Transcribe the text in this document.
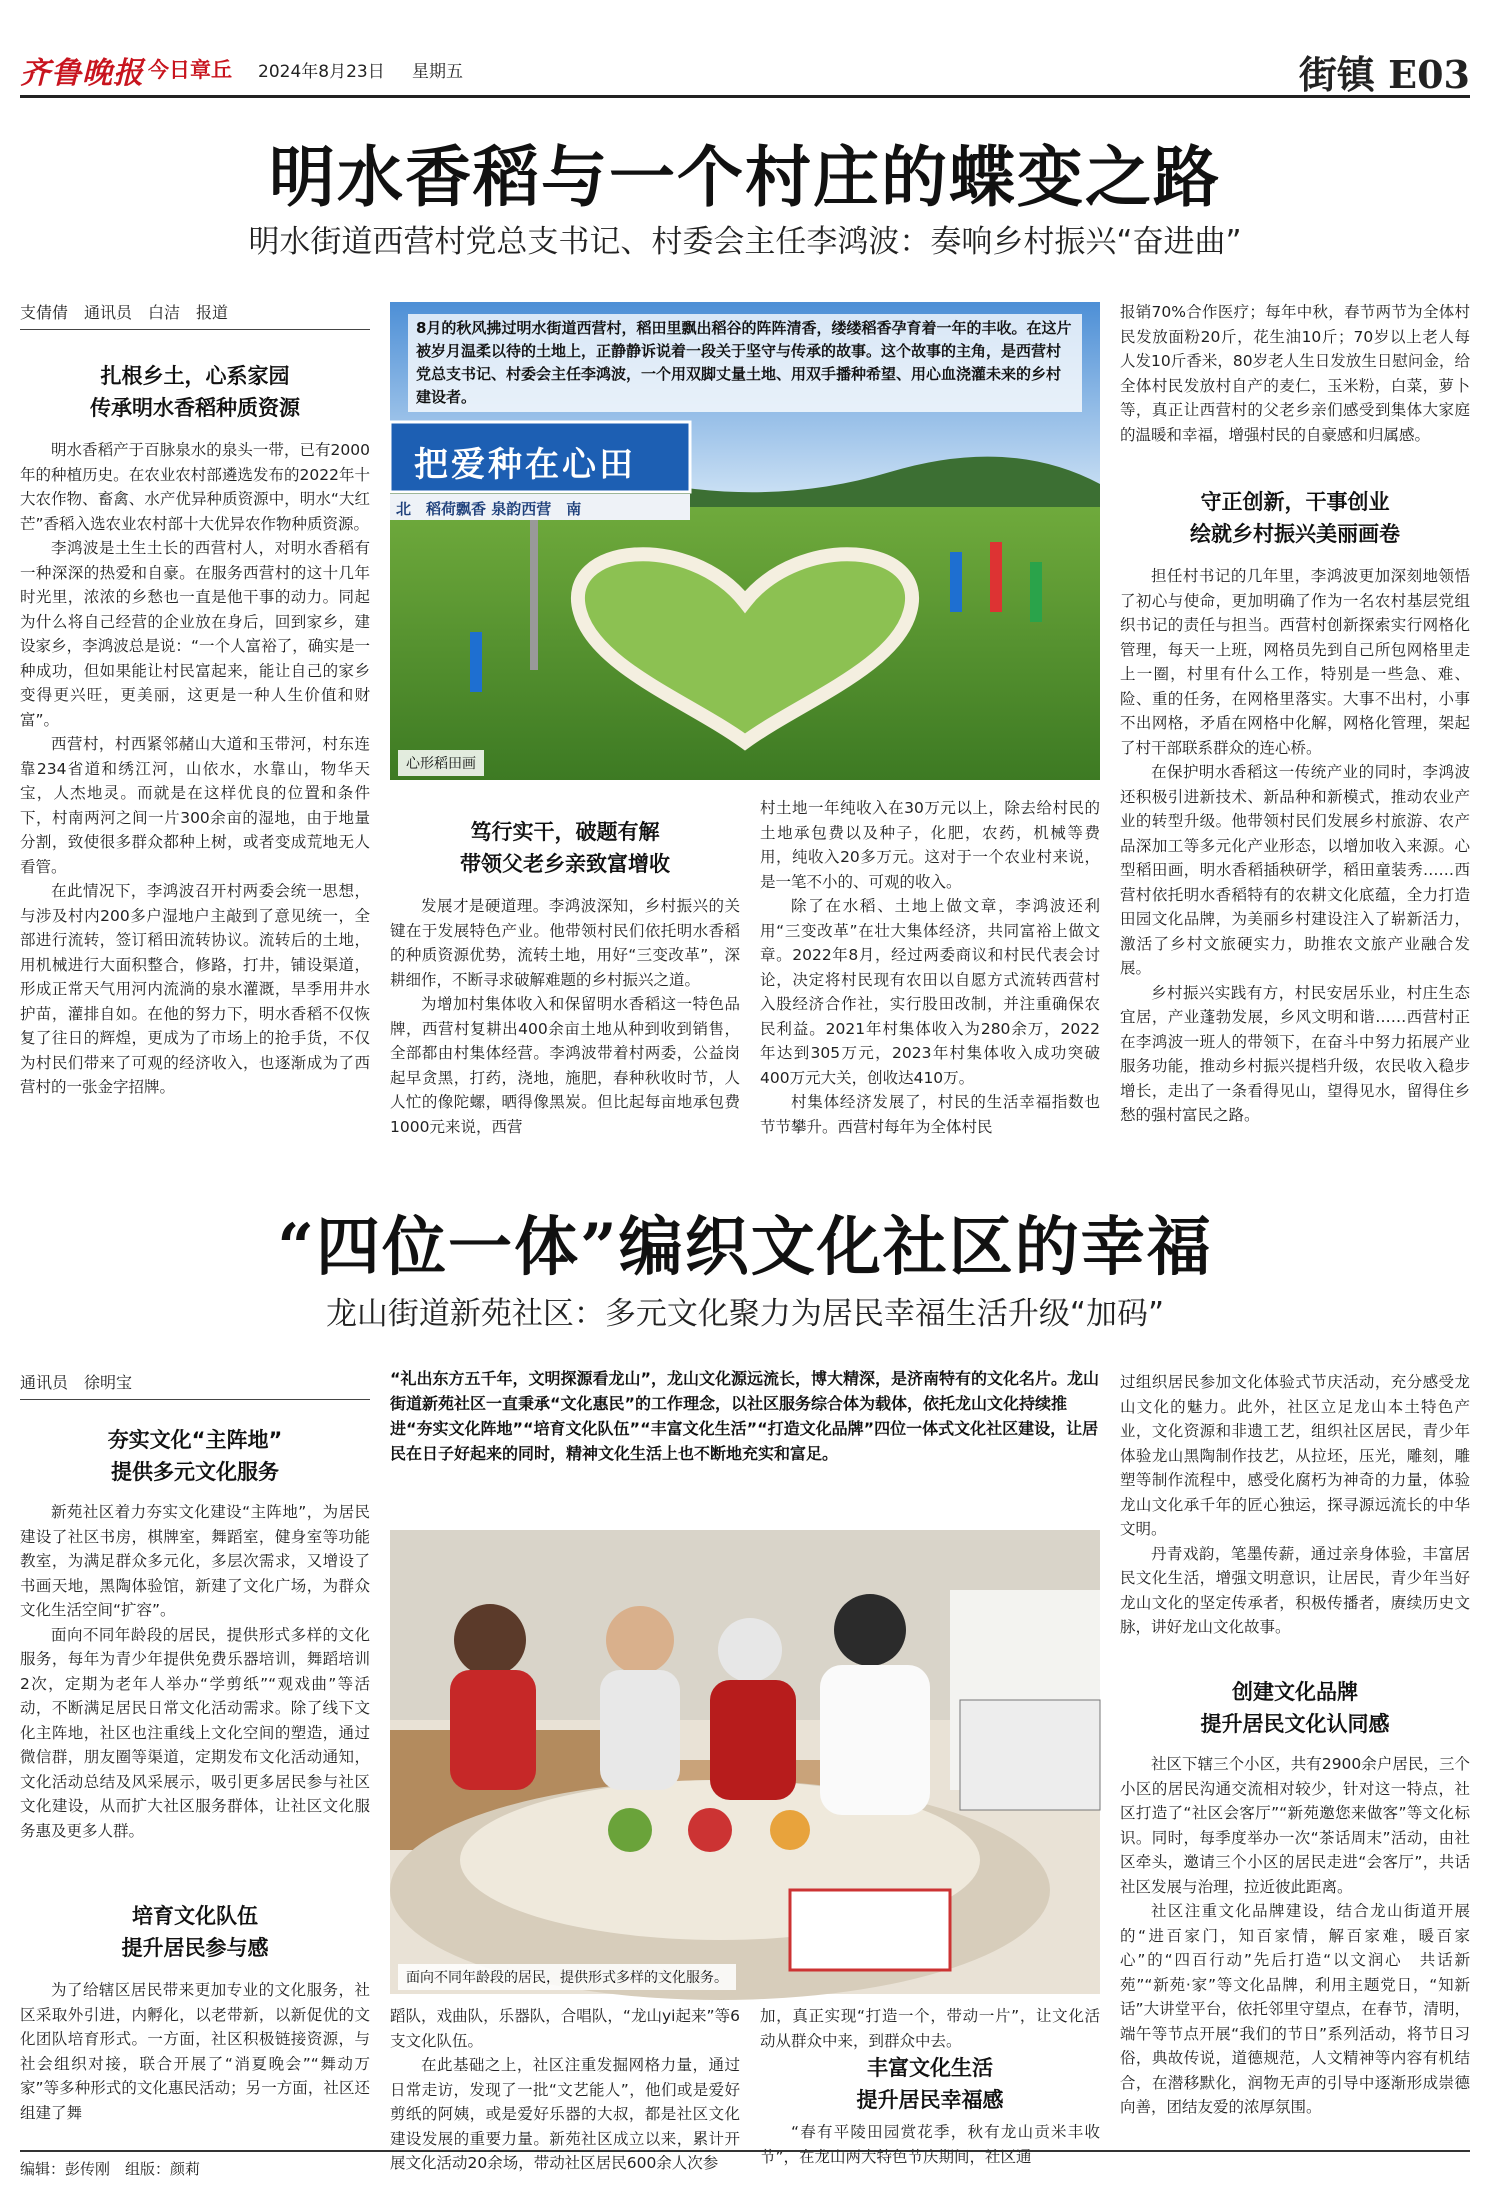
齐鲁晚报 今日章丘 2024年8月23日 星期五	街镇 E03
明水香稻与一个村庄的蝶变之路
明水街道西营村党总支书记、村委会主任李鸿波：奏响乡村振兴“奋进曲”
支倩倩　通讯员　白洁　报道
扎根乡土，心系家园
传承明水香稻种质资源

明水香稻产于百脉泉水的泉头一带，已有2000年的种植历史。在农业农村部遴选发布的2022年十大农作物、畜禽、水产优异种质资源中，明水“大红芒”香稻入选农业农村部十大优异农作物种质资源。

李鸿波是土生土长的西营村人，对明水香稻有一种深深的热爱和自豪。在服务西营村的这十几年时光里，浓浓的乡愁也一直是他干事的动力。同起为什么将自己经营的企业放在身后，回到家乡，建设家乡，李鸿波总是说：“一个人富裕了，确实是一种成功，但如果能让村民富起来，能让自己的家乡变得更兴旺，更美丽，这更是一种人生价值和财富”。

西营村，村西紧邻赭山大道和玉带河，村东连靠234省道和绣江河，山依水，水靠山，物华天宝，人杰地灵。而就是在这样优良的位置和条件下，村南两河之间一片300余亩的湿地，由于地量分割，致使很多群众都种上树，或者变成荒地无人看管。

在此情况下，李鸿波召开村两委会统一思想，与涉及村内200多户湿地户主敲到了意见统一，全部进行流转，签订稻田流转协议。流转后的土地，用机械进行大面积整合，修路，打井，铺设渠道，形成正常天气用河内流淌的泉水灌溉，旱季用井水护苗，灌排自如。在他的努力下，明水香稻不仅恢复了往日的辉煌，更成为了市场上的抢手货，不仅为村民们带来了可观的经济收入，也逐渐成为了西营村的一张金字招牌。

8月的秋风拂过明水街道西营村，稻田里飘出稻谷的阵阵清香，缕缕稻香孕育着一年的丰收。在这片被岁月温柔以待的土地上，正静静诉说着一段关于坚守与传承的故事。这个故事的主角，是西营村党总支书记、村委会主任李鸿波，一个用双脚丈量土地、用双手播种希望、用心血浇灌未来的乡村建设者。
把爱种在心田
北　稻荷飘香 泉韵西营　南
心形稻田画
笃行实干，破题有解
带领父老乡亲致富增收

发展才是硬道理。李鸿波深知，乡村振兴的关键在于发展特色产业。他带领村民们依托明水香稻的种质资源优势，流转土地，用好“三变改革”，深耕细作，不断寻求破解难题的乡村振兴之道。

为增加村集体收入和保留明水香稻这一特色品牌，西营村复耕出400余亩土地从种到收到销售，全部都由村集体经营。李鸿波带着村两委，公益岗起早贪黑，打药，浇地，施肥，春种秋收时节，人人忙的像陀螺，晒得像黑炭。但比起每亩地承包费1000元来说，西营

村土地一年纯收入在30万元以上，除去给村民的土地承包费以及种子，化肥，农药，机械等费用，纯收入20多万元。这对于一个农业村来说，是一笔不小的、可观的收入。

除了在水稻、土地上做文章，李鸿波还利用“三变改革”在壮大集体经济，共同富裕上做文章。2022年8月，经过两委商议和村民代表会讨论，决定将村民现有农田以自愿方式流转西营村入股经济合作社，实行股田改制，并注重确保农民利益。2021年村集体收入为280余万，2022年达到305万元，2023年村集体收入成功突破400万元大关，创收达410万。

村集体经济发展了，村民的生活幸福指数也节节攀升。西营村每年为全体村民

报销70%合作医疗；每年中秋，春节两节为全体村民发放面粉20斤，花生油10斤；70岁以上老人每人发10斤香米，80岁老人生日发放生日慰问金，给全体村民发放村自产的麦仁，玉米粉，白菜，萝卜等，真正让西营村的父老乡亲们感受到集体大家庭的温暖和幸福，增强村民的自豪感和归属感。

守正创新，干事创业
绘就乡村振兴美丽画卷

担任村书记的几年里，李鸿波更加深刻地领悟了初心与使命，更加明确了作为一名农村基层党组织书记的责任与担当。西营村创新探索实行网格化管理，每天一上班，网格员先到自己所包网格里走上一圈，村里有什么工作，特别是一些急、难、险、重的任务，在网格里落实。大事不出村，小事不出网格，矛盾在网格中化解，网格化管理，架起了村干部联系群众的连心桥。

在保护明水香稻这一传统产业的同时，李鸿波还积极引进新技术、新品种和新模式，推动农业产业的转型升级。他带领村民们发展乡村旅游、农产品深加工等多元化产业形态，以增加收入来源。心型稻田画，明水香稻插秧研学，稻田童装秀……西营村依托明水香稻特有的农耕文化底蕴，全力打造田园文化品牌，为美丽乡村建设注入了崭新活力，激活了乡村文旅硬实力，助推农文旅产业融合发展。

乡村振兴实践有方，村民安居乐业，村庄生态宜居，产业蓬勃发展，乡风文明和谐……西营村正在李鸿波一班人的带领下，在奋斗中努力拓展产业服务功能，推动乡村振兴提档升级，农民收入稳步增长，走出了一条看得见山，望得见水，留得住乡愁的强村富民之路。

“四位一体”编织文化社区的幸福
龙山街道新苑社区：多元文化聚力为居民幸福生活升级“加码”
通讯员　徐明宝
夯实文化“主阵地”
提供多元文化服务

新苑社区着力夯实文化建设“主阵地”，为居民建设了社区书房，棋牌室，舞蹈室，健身室等功能教室，为满足群众多元化，多层次需求，又增设了书画天地，黑陶体验馆，新建了文化广场，为群众文化生活空间“扩容”。

面向不同年龄段的居民，提供形式多样的文化服务，每年为青少年提供免费乐器培训，舞蹈培训2次，定期为老年人举办“学剪纸”“观戏曲”等活动，不断满足居民日常文化活动需求。除了线下文化主阵地，社区也注重线上文化空间的塑造，通过微信群，朋友圈等渠道，定期发布文化活动通知，文化活动总结及风采展示，吸引更多居民参与社区文化建设，从而扩大社区服务群体，让社区文化服务惠及更多人群。

培育文化队伍
提升居民参与感

为了给辖区居民带来更加专业的文化服务，社区采取外引进，内孵化，以老带新，以新促优的文化团队培育形式。一方面，社区积极链接资源，与社会组织对接，联合开展了“消夏晚会”“舞动万家”等多种形式的文化惠民活动；另一方面，社区还组建了舞

“礼出东方五千年，文明探源看龙山”，龙山文化源远流长，博大精深，是济南特有的文化名片。龙山街道新苑社区一直秉承“文化惠民”的工作理念，以社区服务综合体为载体，依托龙山文化持续推进“夯实文化阵地”“培育文化队伍”“丰富文化生活”“打造文化品牌”四位一体式文化社区建设，让居民在日子好起来的同时，精神文化生活上也不断地充实和富足。
面向不同年龄段的居民，提供形式多样的文化服务。

蹈队，戏曲队，乐器队，合唱队，“龙山yi起来”等6支文化队伍。

在此基础之上，社区注重发掘网格力量，通过日常走访，发现了一批“文艺能人”，他们或是爱好剪纸的阿姨，或是爱好乐器的大叔，都是社区文化建设发展的重要力量。新苑社区成立以来，累计开展文化活动20余场，带动社区居民600余人次参

加，真正实现“打造一个，带动一片”，让文化活动从群众中来，到群众中去。

丰富文化生活
提升居民幸福感

“春有平陵田园赏花季，秋有龙山贡米丰收节”，在龙山两大特色节庆期间，社区通

过组织居民参加文化体验式节庆活动，充分感受龙山文化的魅力。此外，社区立足龙山本土特色产业，文化资源和非遗工艺，组织社区居民，青少年体验龙山黑陶制作技艺，从拉坯，压光，雕刻，雕塑等制作流程中，感受化腐朽为神奇的力量，体验龙山文化承千年的匠心独运，探寻源远流长的中华文明。

丹青戏韵，笔墨传薪，通过亲身体验，丰富居民文化生活，增强文明意识，让居民，青少年当好龙山文化的坚定传承者，积极传播者，赓续历史文脉，讲好龙山文化故事。

创建文化品牌
提升居民文化认同感

社区下辖三个小区，共有2900余户居民，三个小区的居民沟通交流相对较少，针对这一特点，社区打造了“社区会客厅”“新苑邀您来做客”等文化标识。同时，每季度举办一次“茶话周末”活动，由社区牵头，邀请三个小区的居民走进“会客厅”，共话社区发展与治理，拉近彼此距离。

社区注重文化品牌建设，结合龙山街道开展的“进百家门，知百家情，解百家难，暖百家心”的“四百行动”先后打造“以文润心　共话新苑”“新苑·家”等文化品牌，利用主题党日，“知新话”大讲堂平台，依托邻里守望点，在春节，清明，端午等节点开展“我们的节日”系列活动，将节日习俗，典故传说，道德规范，人文精神等内容有机结合，在潜移默化，润物无声的引导中逐渐形成崇德向善，团结友爱的浓厚氛围。

编辑：彭传刚　组版：颜莉
